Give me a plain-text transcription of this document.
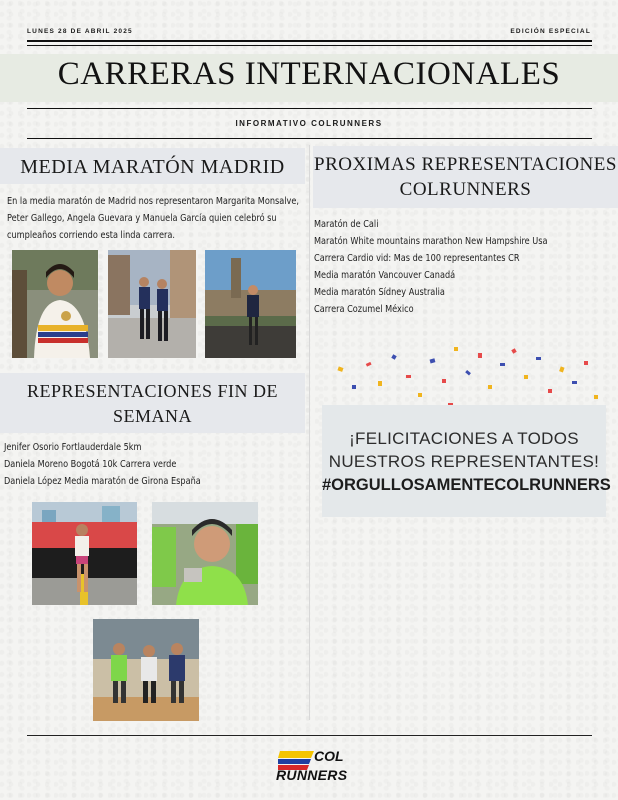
LUNES 28 DE ABRIL 2025	EDICIÓN ESPECIAL
CARRERAS INTERNACIONALES
INFORMATIVO COLRUNNERS
MEDIA MARATÓN MADRID
En la media maratón de Madrid nos representaron Margarita Monsalve,
Peter Gallego, Angela Guevara y Manuela García quien celebró su
cumpleaños corriendo esta linda carrera.
REPRESENTACIONES FIN DE
SEMANA
Jenifer Osorio Fortlauderdale 5km
Daniela Moreno Bogotá 10k Carrera verde
Daniela López Media maratón de Girona España
PROXIMAS REPRESENTACIONES
COLRUNNERS
Maratón de Cali
Maratón White mountains marathon New Hampshire Usa
Carrera Cardio vid: Mas de 100 representantes CR
Media maratón Vancouver Canadá
Media maratón Sídney Australia
Carrera Cozumel México
¡FELICITACIONES A TODOS
NUESTROS REPRESENTANTES!
#ORGULLOSAMENTECOLRUNNERS
COL
RUNNERS
